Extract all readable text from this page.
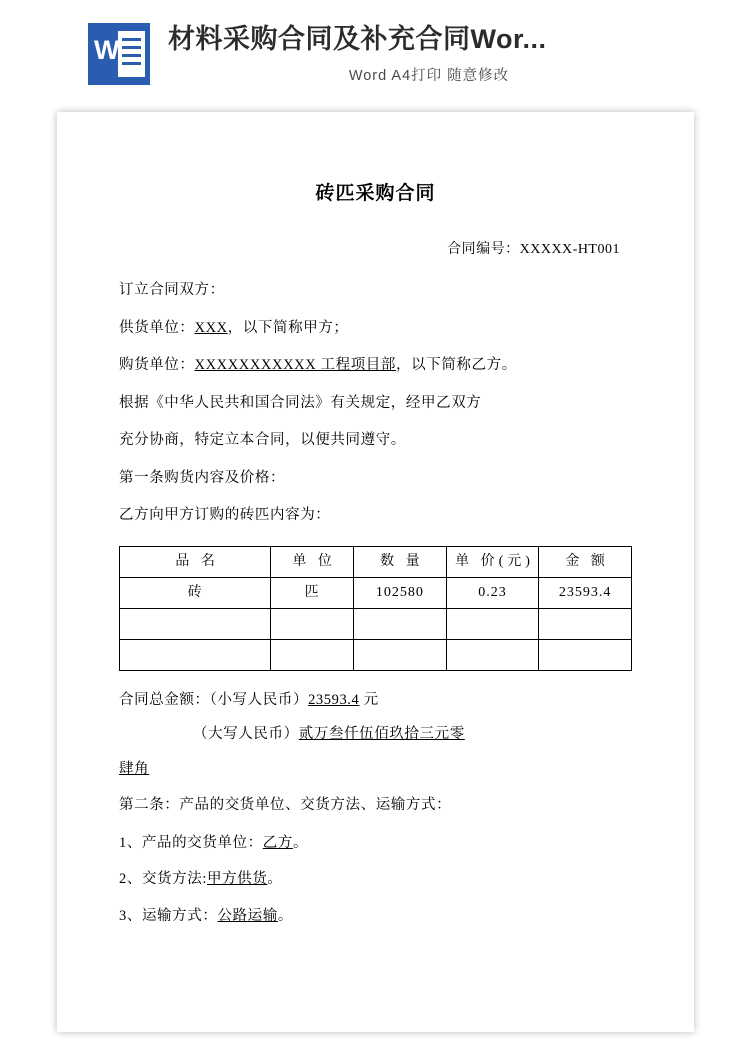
W 材料采购合同及补充合同Wor...
Word A4打印 随意修改
砖匹采购合同
合同编号：XXXXX-HT001
订立合同双方：
供货单位：XXX，以下简称甲方；
购货单位：XXXXXXXXXXX 工程项目部，以下简称乙方。
根据《中华人民共和国合同法》有关规定，经甲乙双方
充分协商，特定立本合同，以便共同遵守。
第一条购货内容及价格：
乙方向甲方订购的砖匹内容为：
品 名	单 位	数 量	单 价(元)	金 额
砖	匹	102580	0.23	23593.4

合同总金额：（小写人民币）23593.4 元
（大写人民币）贰万叁仟伍佰玖拾三元零
肆角
第二条：产品的交货单位、交货方法、运输方式：
1、产品的交货单位：乙方。
2、交货方法:甲方供货。
3、运输方式：公路运输。
